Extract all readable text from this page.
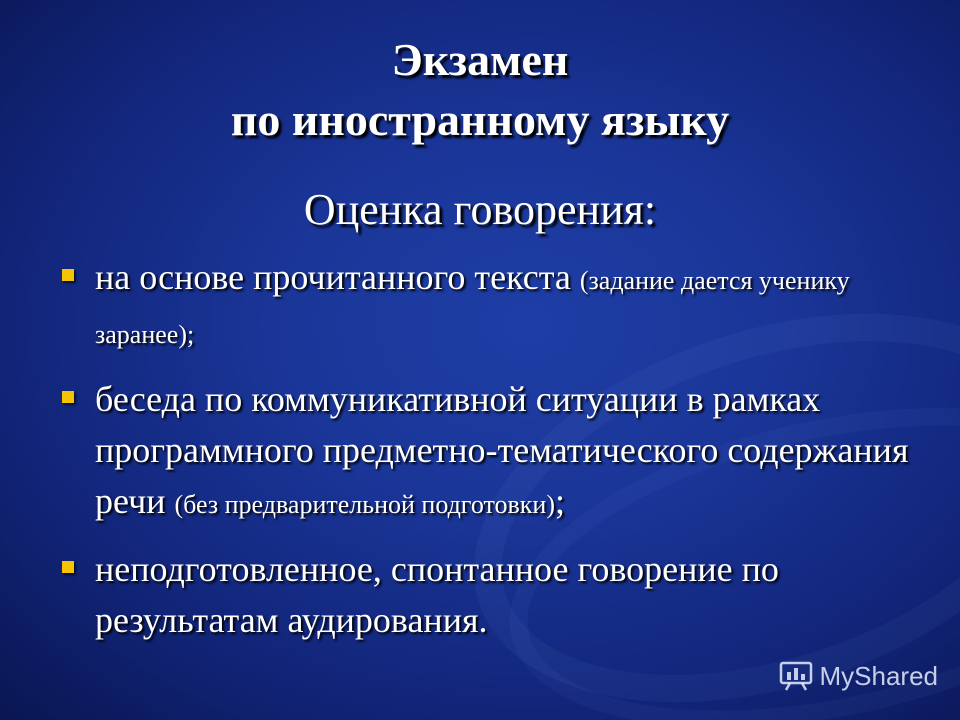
Экзамен
по иностранному языку
Оценка говорения:
на основе прочитанного текста (задание дается ученику заранее);
беседа по коммуникативной ситуации в рамках программного предметно-тематического содержания речи (без предварительной подготовки);
неподготовленное, спонтанное говорение по результатам аудирования.
MyShared
